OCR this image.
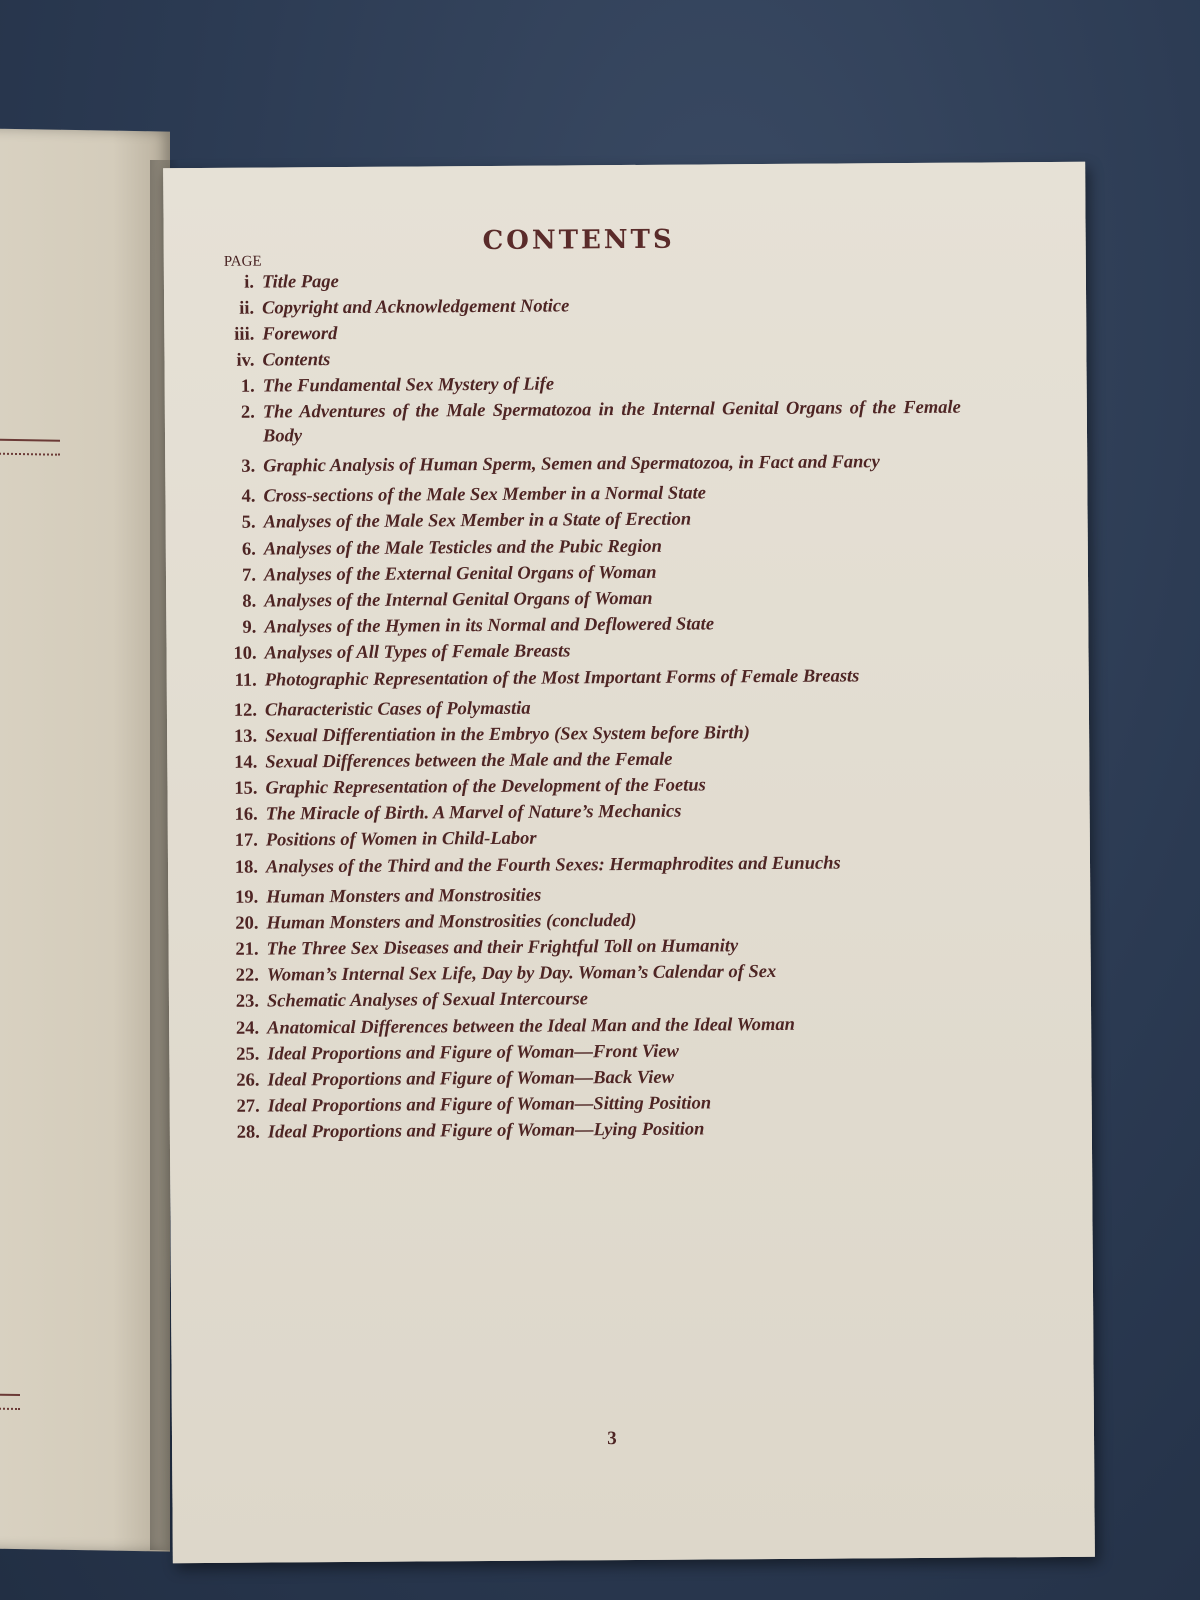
CONTENTS
PAGE
i. Title Page
ii. Copyright and Acknowledgement Notice
iii. Foreword
iv. Contents
1. The Fundamental Sex Mystery of Life
2. The Adventures of the Male Spermatozoa in the Internal Genital Organs of the Female Body
3. Graphic Analysis of Human Sperm, Semen and Spermatozoa, in Fact and Fancy
4. Cross-sections of the Male Sex Member in a Normal State
5. Analyses of the Male Sex Member in a State of Erection
6. Analyses of the Male Testicles and the Pubic Region
7. Analyses of the External Genital Organs of Woman
8. Analyses of the Internal Genital Organs of Woman
9. Analyses of the Hymen in its Normal and Deflowered State
10. Analyses of All Types of Female Breasts
11. Photographic Representation of the Most Important Forms of Female Breasts
12. Characteristic Cases of Polymastia
13. Sexual Differentiation in the Embryo (Sex System before Birth)
14. Sexual Differences between the Male and the Female
15. Graphic Representation of the Development of the Foetus
16. The Miracle of Birth. A Marvel of Nature’s Mechanics
17. Positions of Women in Child-Labor
18. Analyses of the Third and the Fourth Sexes: Hermaphrodites and Eunuchs
19. Human Monsters and Monstrosities
20. Human Monsters and Monstrosities (concluded)
21. The Three Sex Diseases and their Frightful Toll on Humanity
22. Woman’s Internal Sex Life, Day by Day. Woman’s Calendar of Sex
23. Schematic Analyses of Sexual Intercourse
24. Anatomical Differences between the Ideal Man and the Ideal Woman
25. Ideal Proportions and Figure of Woman—Front View
26. Ideal Proportions and Figure of Woman—Back View
27. Ideal Proportions and Figure of Woman—Sitting Position
28. Ideal Proportions and Figure of Woman—Lying Position
3
